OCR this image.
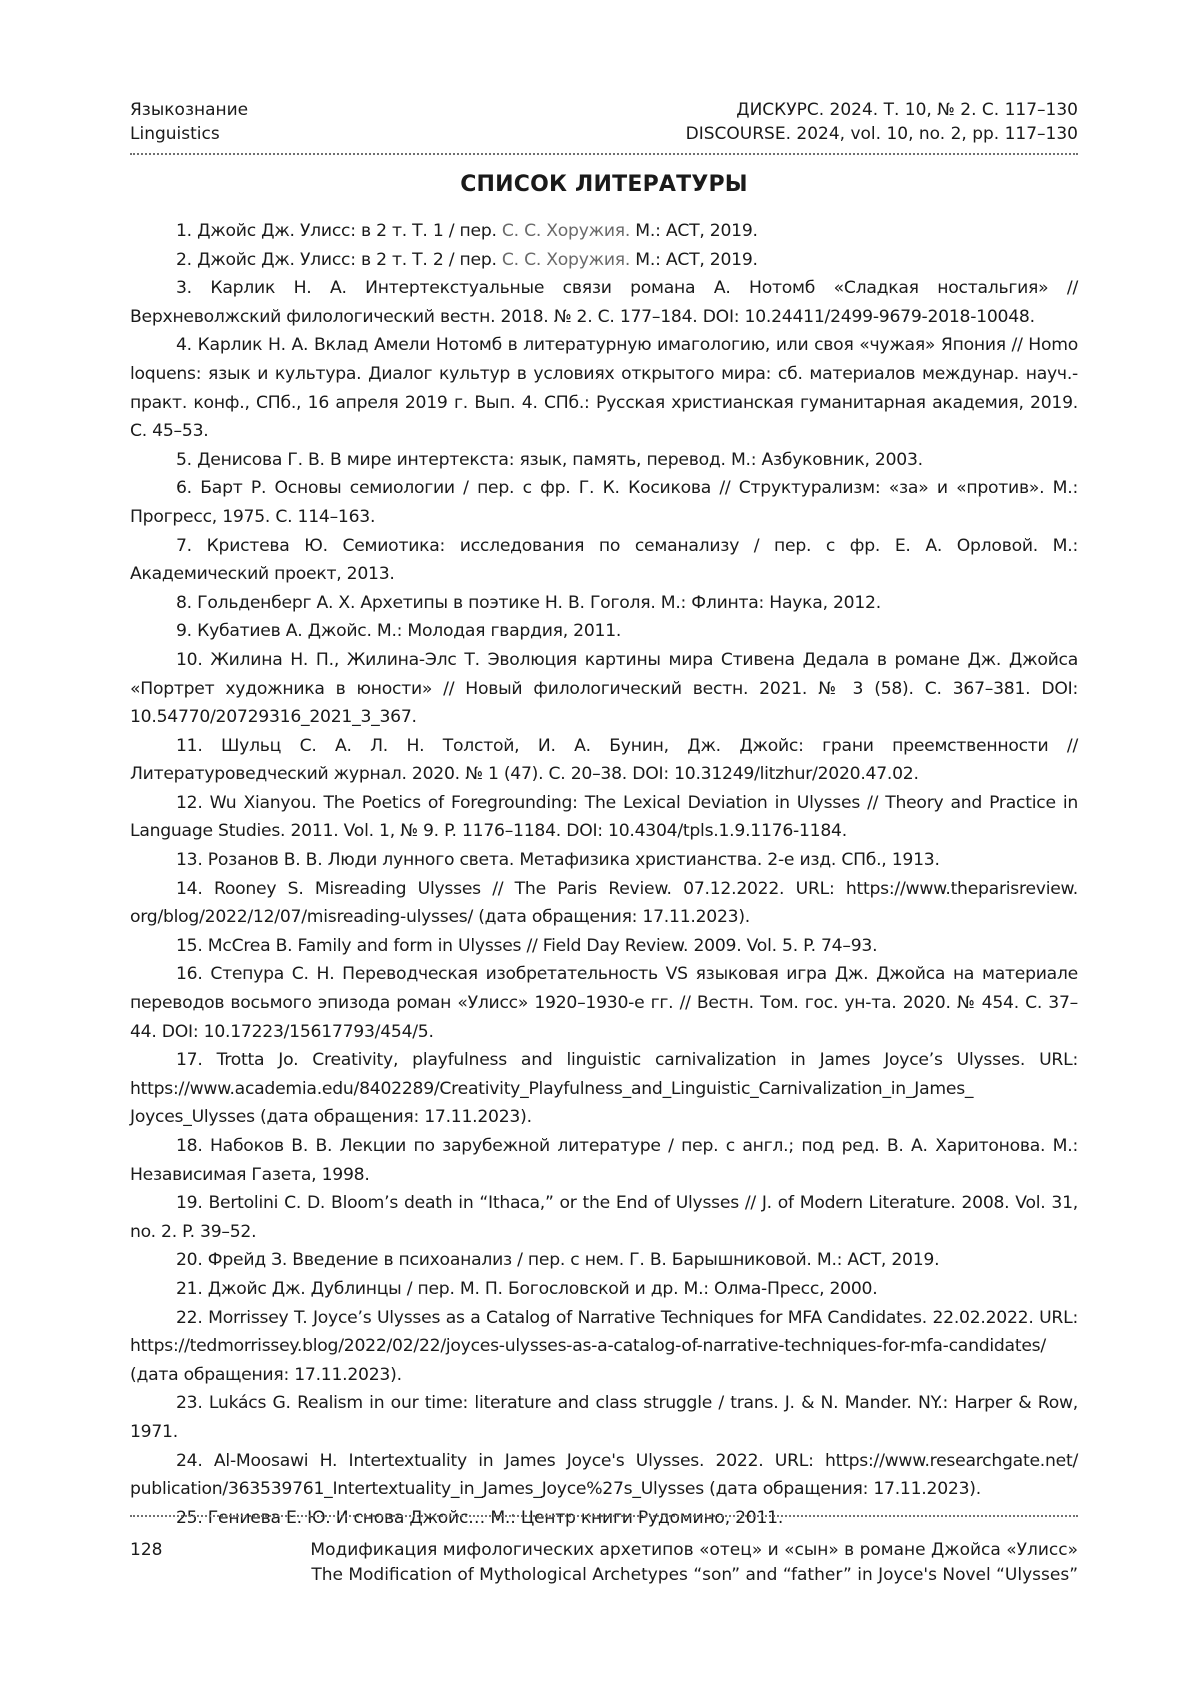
Языкознание	ДИСКУРС. 2024. Т. 10, № 2. С. 117–130
Linguistics	DISCOURSE. 2024, vol. 10, no. 2, pp. 117–130
СПИСОК ЛИТЕРАТУРЫ
1. Джойс Дж. Улисс: в 2 т. Т. 1 / пер. С. С. Хоружия. М.: АСТ, 2019.
2. Джойс Дж. Улисс: в 2 т. Т. 2 / пер. С. С. Хоружия. М.: АСТ, 2019.
3. Карлик Н. А. Интертекстуальные связи романа А. Нотомб «Сладкая ностальгия» // Верхневолжский филологический вестн. 2018. № 2. С. 177–184. DOI: 10.24411/2499-9679-2018-10048.
4. Карлик Н. А. Вклад Амели Нотомб в литературную имагологию, или своя «чужая» Япония // Homo loquens: язык и культура. Диалог культур в условиях открытого мира: сб. материалов междунар. науч.-практ. конф., СПб., 16 апреля 2019 г. Вып. 4. СПб.: Русская христианская гуманитарная академия, 2019. С. 45–53.
5. Денисова Г. В. В мире интертекста: язык, память, перевод. М.: Азбуковник, 2003.
6. Барт Р. Основы семиологии / пер. с фр. Г. К. Косикова // Структурализм: «за» и «против». М.: Прогресс, 1975. С. 114–163.
7. Кристева Ю. Семиотика: исследования по семанализу / пер. с фр. Е. А. Орловой. М.: Академический проект, 2013.
8. Гольденберг А. Х. Архетипы в поэтике Н. В. Гоголя. М.: Флинта: Наука, 2012.
9. Кубатиев А. Джойс. М.: Молодая гвардия, 2011.
10. Жилина Н. П., Жилина-Элс Т. Эволюция картины мира Стивена Дедала в романе Дж. Джойса «Портрет художника в юности» // Новый филологический вестн. 2021. № 3 (58). С. 367–381. DOI: 10.54770/20729316_2021_3_367.
11. Шульц С. А. Л. Н. Толстой, И. А. Бунин, Дж. Джойс: грани преемственности // Литературоведческий журнал. 2020. № 1 (47). С. 20–38. DOI: 10.31249/litzhur/2020.47.02.
12. Wu Xianyou. The Poetics of Foregrounding: The Lexical Deviation in Ulysses // Theory and Practice in Language Studies. 2011. Vol. 1, № 9. P. 1176–1184. DOI: 10.4304/tpls.1.9.1176-1184.
13. Розанов В. В. Люди лунного света. Метафизика христианства. 2-е изд. СПб., 1913.
14. Rooney S. Misreading Ulysses // The Paris Review. 07.12.2022. URL: https://www.theparisreview.​org/blog/2022/12/07/misreading-ulysses/ (дата обращения: 17.11.2023).
15. McCrea B. Family and form in Ulysses // Field Day Review. 2009. Vol. 5. P. 74–93.
16. Степура С. Н. Переводческая изобретательность VS языковая игра Дж. Джойса на материале переводов восьмого эпизода роман «Улисс» 1920–1930-е гг. // Вестн. Том. гос. ун-та. 2020. № 454. С. 37–44. DOI: 10.17223/15617793/454/5.
17. Trotta Jo. Creativity, playfulness and linguistic carnivalization in James Joyce’s Ulysses. URL: https://www.academia.edu/8402289/Creativity_Playfulness_and_Linguistic_Carnivalization_in_James_​Joyces_Ulysses (дата обращения: 17.11.2023).
18. Набоков В. В. Лекции по зарубежной литературе / пер. с англ.; под ред. В. А. Харитонова. М.: Независимая Газета, 1998.
19. Bertolini C. D. Bloom’s death in “Ithaca,” or the End of Ulysses // J. of Modern Literature. 2008. Vol. 31, no. 2. P. 39–52.
20. Фрейд З. Введение в психоанализ / пер. с нем. Г. В. Барышниковой. М.: АСТ, 2019.
21. Джойс Дж. Дублинцы / пер. М. П. Богословской и др. М.: Олма-Пресс, 2000.
22. Morrissey T. Joyce’s Ulysses as a Catalog of Narrative Techniques for MFA Candidates. 22.02.2022. URL: https://tedmorrissey.blog/2022/02/22/joyces-ulysses-as-a-catalog-of-narrative-techniques-for-mfa-candidates/ (дата обращения: 17.11.2023).
23. Lukács G. Realism in our time: literature and class struggle / trans. J. & N. Mander. NY.: Harper & Row, 1971.
24. Al-Moosawi H. Intertextuality in James Joyce's Ulysses. 2022. URL: https://www.researchgate.net/​publication/363539761_Intertextuality_in_James_Joyce%27s_Ulysses (дата обращения: 17.11.2023).
25. Гениева Е. Ю. И снова Джойс… М.: Центр книги Рудомино, 2011.
128	Модификация мифологических архетипов «отец» и «сын» в романе Джойса «Улисс»
The Modification of Mythological Archetypes “son” and “father” in Joyce's Novel “Ulysses”
